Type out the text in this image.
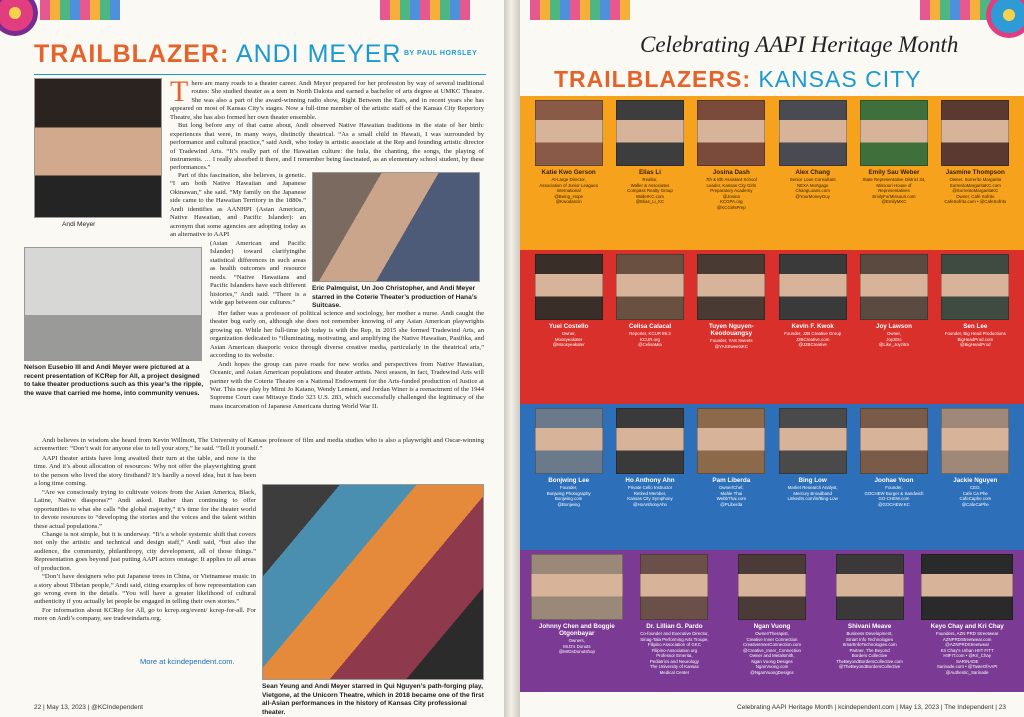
TRAILBLAZER: ANDI MEYER BY PAUL HORSLEY
Andi Meyer
Nelson Eusebio III and Andi Meyer were pictured at a recent presentation of KCRep for All, a project designed to take theater productions such as this year’s the ripple, the wave that carried me home, into community venues.
Eric Palmquist, Un Joo Christopher, and Andi Meyer starred in the Coterie Theater’s production of Hana’s Suitcase.
Sean Yeung and Andi Meyer starred in Qui Nguyen’s path-forging play, Vietgone, at the Unicorn Theatre, which in 2018 became one of the first all-Asian performances in the history of Kansas City professional theater.
T here are many roads to a theater career. Andi Meyer prepared for her profession by way of several traditional routes: She studied theater as a teen in North Dakota and earned a bachelor of arts degree at UMKC Theatre. She was also a part of the award-winning radio show, Right Between the Ears, and in recent years she has appeared on most of Kansas City’s stages. Now a full-time member of the artistic staff of the Kansas City Repertory Theatre, she has also formed her own theater ensemble.

But long before any of that came about, Andi observed Native Hawaiian traditions in the state of her birth: experiences that were, in many ways, distinctly theatrical. “As a small child in Hawaii, I was surrounded by performance and cultural practice,” said Andi, who today is artistic associate at the Rep and founding artistic director of Tradewind Arts. “It’s really part of the Hawaiian culture: the hula, the chanting, the songs, the playing of instruments. … I really absorbed it there, and I remember being fascinated, as an elementary school student, by these performances.”

Part of this fascination, she believes, is genetic. “I am both Native Hawaiian and Japanese Okinawan,” she said. “My family on the Japanese side came to the Hawaiian Territory in the 1880s.” Andi identifies as AANHPI (Asian American, Native Hawaiian, and Pacific Islander): an acronym that some agencies are adopting today as an alternative to AAPI

(Asian American and Pacific Islander) toward clarifyingthe statistical differences in such areas as health outcomes and resource needs. “Native Hawaiians and Pacific Islanders have such different histories,” Andi said. “There is a wide gap between our cultures.”

Her father was a professor of political science and sociology, her mother a nurse. Andi caught the theater bug early on, although she does not remember knowing of any Asian American playwrights growing up. While her full-time job today is with the Rep, in 2015 she formed Tradewind Arts, an organization dedicated to “illuminating, motivating, and amplifying the Native Hawaiian, Pasifika, and Asian American diasporic voice through diverse creative media, particularly in the theatrical arts,” according to its website.

Andi hopes the group can pave roads for new works and perspectives from Native Hawaiian, Oceanic, and Asian American populations and theater artists. Next season, in fact, Tradewind Arts will partner with the Coterie Theatre on a National Endowment for the Arts-funded production of Justice at War. This new play by Mimi Jo Katano, Wendy Lement, and Jordan Winer is a reenactment of the 1944 Supreme Court case Mitsuye Endo 323 U.S. 283, which successfully challenged the legitimacy of the mass incarceration of Japanese Americans during World War II.

Andi believes in wisdom she heard from Kevin Willmott, The University of Kansas professor of film and media studies who is also a playwright and Oscar-winning screenwriter: “Don’t wait for anyone else to tell your story,” he said. “Tell it yourself.”

AAPI theater artists have long awaited their turn at the table, and now is the time. And it’s about allocation of resources: Why not offer the playwrighting grant to the person who lived the story firsthand? It’s hardly a novel idea, but it has been a long time coming.

“Are we consciously trying to cultivate voices from the Asian America, Black, Latine, Native diasporas?” Andi asked. Rather than continuing to offer opportunities to what she calls “the global majority,” it’s time for the theater world to devote resources to “developing the stories and the voices and the talent within these actual populations.”

Change is not simple, but it is underway. “It’s a whole systemic shift that covers not only the artistic and technical and design staff,” Andi said, “but also the audience, the community, philanthropy, city development, all of those things.” Representation goes beyond just putting AAPI actors onstage: It applies to all areas of production.

“Don’t have designers who put Japanese trees in China, or Vietnamese music in a story about Tibetan people,” Andi said, citing examples of how representation can go wrong even in the details. “You will have a greater likelihood of cultural authenticity if you actually let people be engaged in telling their own stories.”

For information about KCRep for All, go to kcrep.org/event/ kcrep-for-all. For more on Andi’s company, see tradewindarts.org.

More at kcindependent.com.
22 | May 13, 2023 | @KCIndependent
Celebrating AAPI Heritage Month
TRAILBLAZERS: KANSAS CITY
Katie Kwo Gerson
At-Large Director,
Association of Junior Leagues
International
@Being_Hope
@Kwodancin
Elias Li
Realtor,
Waller & Associates
Compass Realty Group
WallerKC.com
@Elias_Li_KC
Josina Dash
7th & 8th Assistant School
Leader, Kansas City Girls
Preparatory Academy
@Josina
KCGPA.org
@KCGirlsPrep
Alex Chang
Senior Loan Consultant
NEXA Mortgage
ChangLoans.com
@YourMoneyGuy
Emily Sau Weber
State Representative District 34,
Missouri House of
Representatives
EmilyForMissouri.com
@EmilyMKC
Jasmine Thompson
Owner, Sorrerito Margarita
SorreritoMargaritaKC.com
@SorreritoMargaritaKC
Owner, Café Sofrito
CafeSofrito.com • @CafeSofrito
Yuei Costello
Owner,
Moosyeakater
@Moosyeakater
Celisa Calacal
Reporter, KCUR 89.3
KCUR.org
@CelisaMia
Tuyen Nguyen-Keodouangsy
Founder, YAS Sweets
@YASSweetsKC
Kevin F. Kwok
Founder, J2B Creative Group
J2BCreative.com
@J2BCreative
Joy Lawson
Owner,
JoyzEtc
@Like_Joyzitra
Sen Lee
Founder, Big Head Productions
BigHeadProd.com
@BigHeadProd
Bonjwing Lee
Founder,
Bonjwing Photography
Bonjwing.com
@Bonjwing
Ho Anthony Ahn
Private Cello Instructor
Retired Member,
Kansas City Symphony
@HoAnthonyAhn
Pam Liberda
Owner/Chef,
Mahle Thai
WebbThai.com
@PLiberda
Bing Low
Market Research Analyst,
Mercury Broadband
LinkedIn.com/in/Bing-Low
Joohae Yoon
Founder,
GOCHEW Burger & Sandwich
GO-CHEW.com
@GOCHEW.KC
Jackie Nguyen
CEO,
Cafe Ca Phe
CafeCaphe.com
@CafeCaPhe
Johnny Chen and Boggie Otgonbayar
Owners,
Mr.D's Donuts
@MrDsDonutshop
Dr. Lillian G. Pardo
Co-founder and Executive Director,
Sinag-Tala Performing Arts Troupe,
Filipino Association of GKC
Filipino-Association.org
Professor Emerita,
Pediatrics and Neurology
The University of Kansas
Medical Center
Ngan Vuong
Owner/Therapist,
Creative Inner Connection
CreativeInnerConnection.com
@Creative_Inner_Connection
Owner and Metalsmith,
Ngan Vuong Designs
NganVuong.com
@NganVuongDesigns
Shivani Meave
Business Development,
Smart Info Technologies
SmartInfoTechnologies.com
Partner, The Beyond
Borders Collective
TheBeyondBordersCollective.com
@TheBeyondBordersCollective
Keyo Chay and Kri Chay
Founders, AZN PRD Streetwear
AZNPRDStreetwear.com
@AZNPRDStreetwear
Kri Chay's Urban HIIT FITT
HIIFIT.com • @Kri_Chay
SARINADE
Sarinade.com • @TasteOfAAPI
@Authentic_Sarinade
Celebrating AAPI Heritage Month | kcindependent.com | May 13, 2023 | The Independent | 23
